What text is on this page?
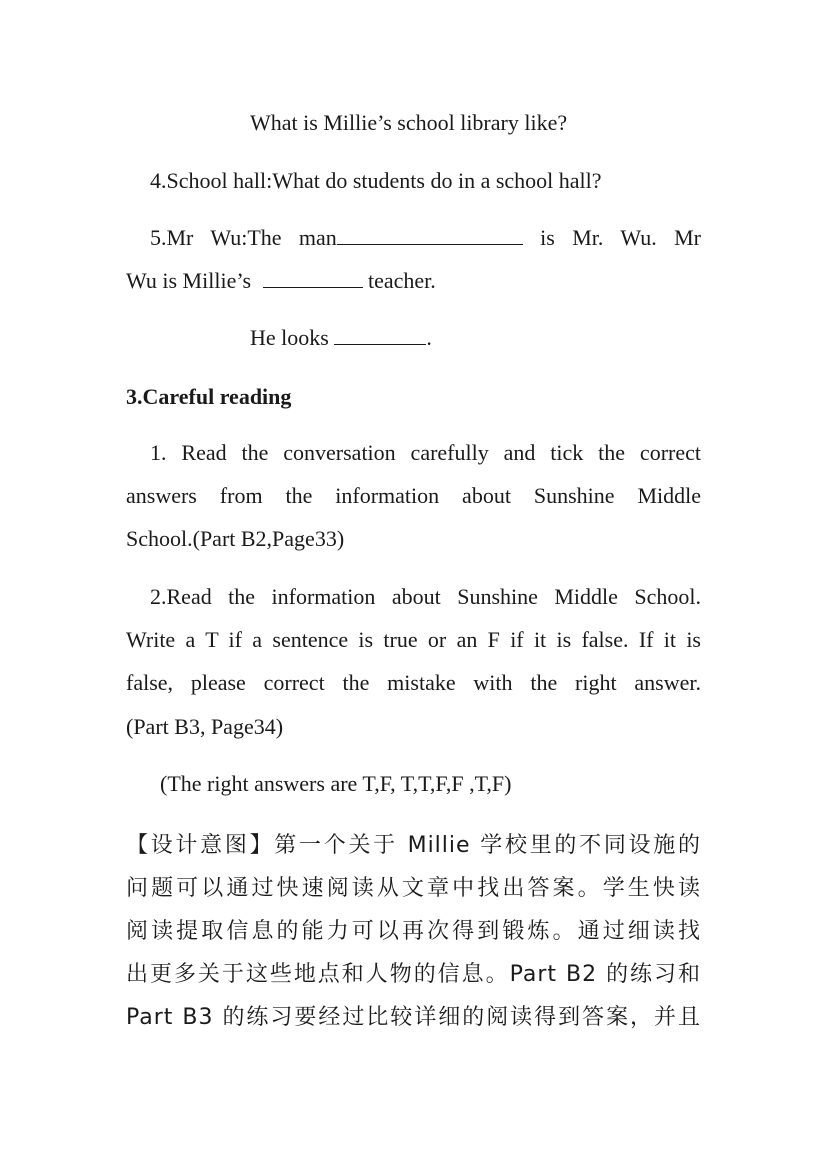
What is Millie’s school library like?
4.School hall:What do students do in a school hall?
5.Mr Wu:The man	is Mr. Wu. Mr
Wu is Millie’s	teacher.
He looks	.
3.Careful reading
1. Read the conversation carefully and tick the correct
answers from the information about Sunshine Middle
School.(Part B2,Page33)
2.Read the information about Sunshine Middle School.
Write a T if a sentence is true or an F if it is false. If it is
false, please correct the mistake with the right answer.
(Part B3, Page34)
(The right answers are T,F, T,T,F,F ,T,F)
【设计意图】第一个关于 Millie 学校里的不同设施的
问题可以通过快速阅读从文章中找出答案。学生快读
阅读提取信息的能力可以再次得到锻炼。通过细读找
出更多关于这些地点和人物的信息。Part B2 的练习和
Part B3 的练习要经过比较详细的阅读得到答案，并且
